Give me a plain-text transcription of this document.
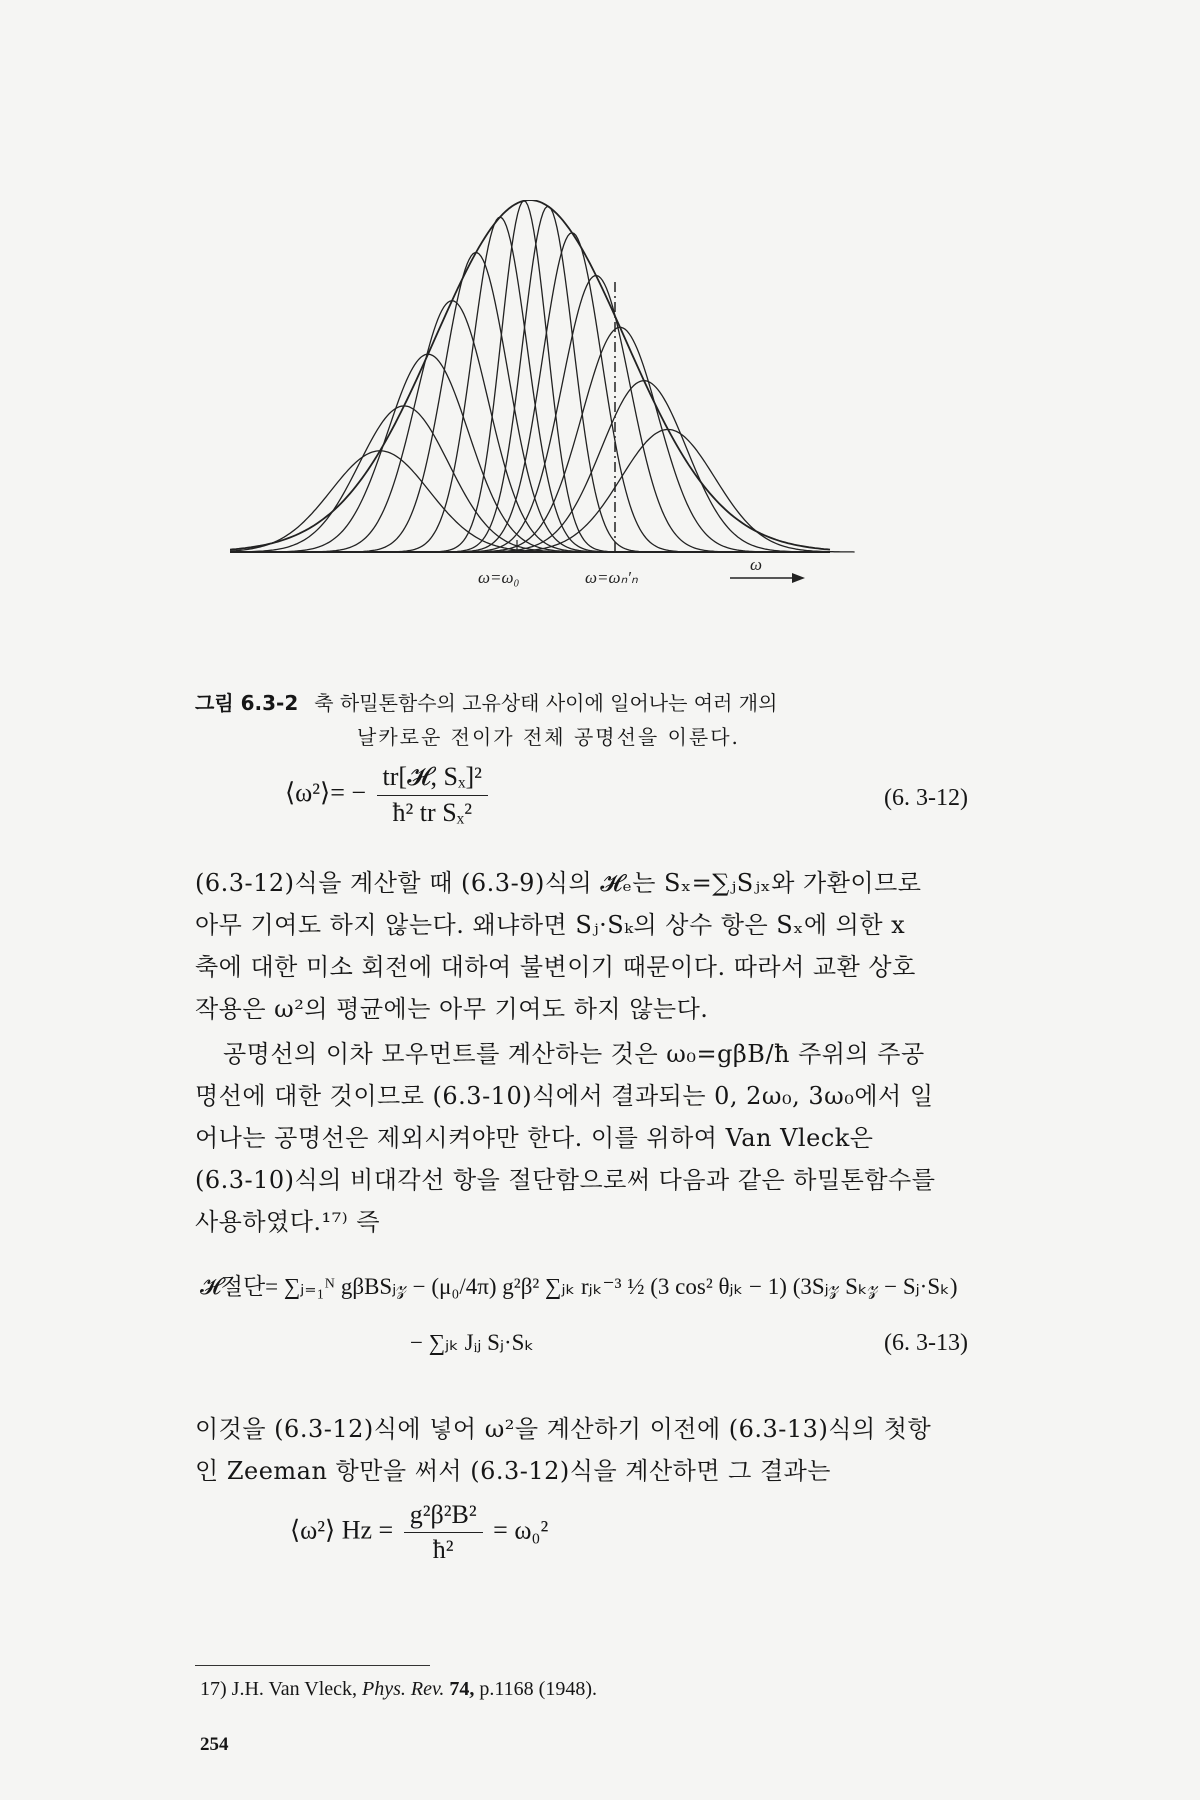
ω=ω₀	ω=ωₙ′ₙ
ω
그림 6.3-2 축 하밀톤함수의 고유상태 사이에 일어나는 여러 개의
날카로운 전이가 전체 공명선을 이룬다.
⟨ω²⟩= − $\frac{\text{tr[𝓗, Sₓ]²}}{\text{ħ² tr Sₓ²}}$	(6. 3-12)

(6.3-12)식을 계산할 때 (6.3-9)식의 𝓗ₑ는 Sₓ=∑ⱼSⱼₓ와 가환이므로

아무 기여도 하지 않는다. 왜냐하면 Sⱼ·Sₖ의 상수 항은 Sₓ에 의한 x

축에 대한 미소 회전에 대하여 불변이기 때문이다. 따라서 교환 상호

작용은 ω²의 평균에는 아무 기여도 하지 않는다.

공명선의 이차 모우먼트를 계산하는 것은 ω₀=gβB/ħ 주위의 주공

명선에 대한 것이므로 (6.3-10)식에서 결과되는 0, 2ω₀, 3ω₀에서 일

어나는 공명선은 제외시켜야만 한다. 이를 위하여 Van Vleck은

(6.3-10)식의 비대각선 항을 절단함으로써 다음과 같은 하밀톤함수를

사용하였다.¹⁷⁾ 즉

𝓗절단= ∑ⱼ₌₁ᴺ gβBSⱼ𝓏 − (μ₀/4π) g²β² ∑ⱼₖ rⱼₖ⁻³ ½ (3 cos² θⱼₖ − 1) (3Sⱼ𝓏 Sₖ𝓏 − Sⱼ·Sₖ)
− ∑ⱼₖ Jᵢⱼ Sⱼ·Sₖ	(6. 3-13)

이것을 (6.3-12)식에 넣어 ω²을 계산하기 이전에 (6.3-13)식의 첫항

인 Zeeman 항만을 써서 (6.3-12)식을 계산하면 그 결과는

⟨ω²⟩ $Hz = \frac{\text{g²β²B²}}{\text{ħ²}} = \omega_0^2$
17) J.H. Van Vleck, Phys. Rev. 74, p.1168 (1948).
254
